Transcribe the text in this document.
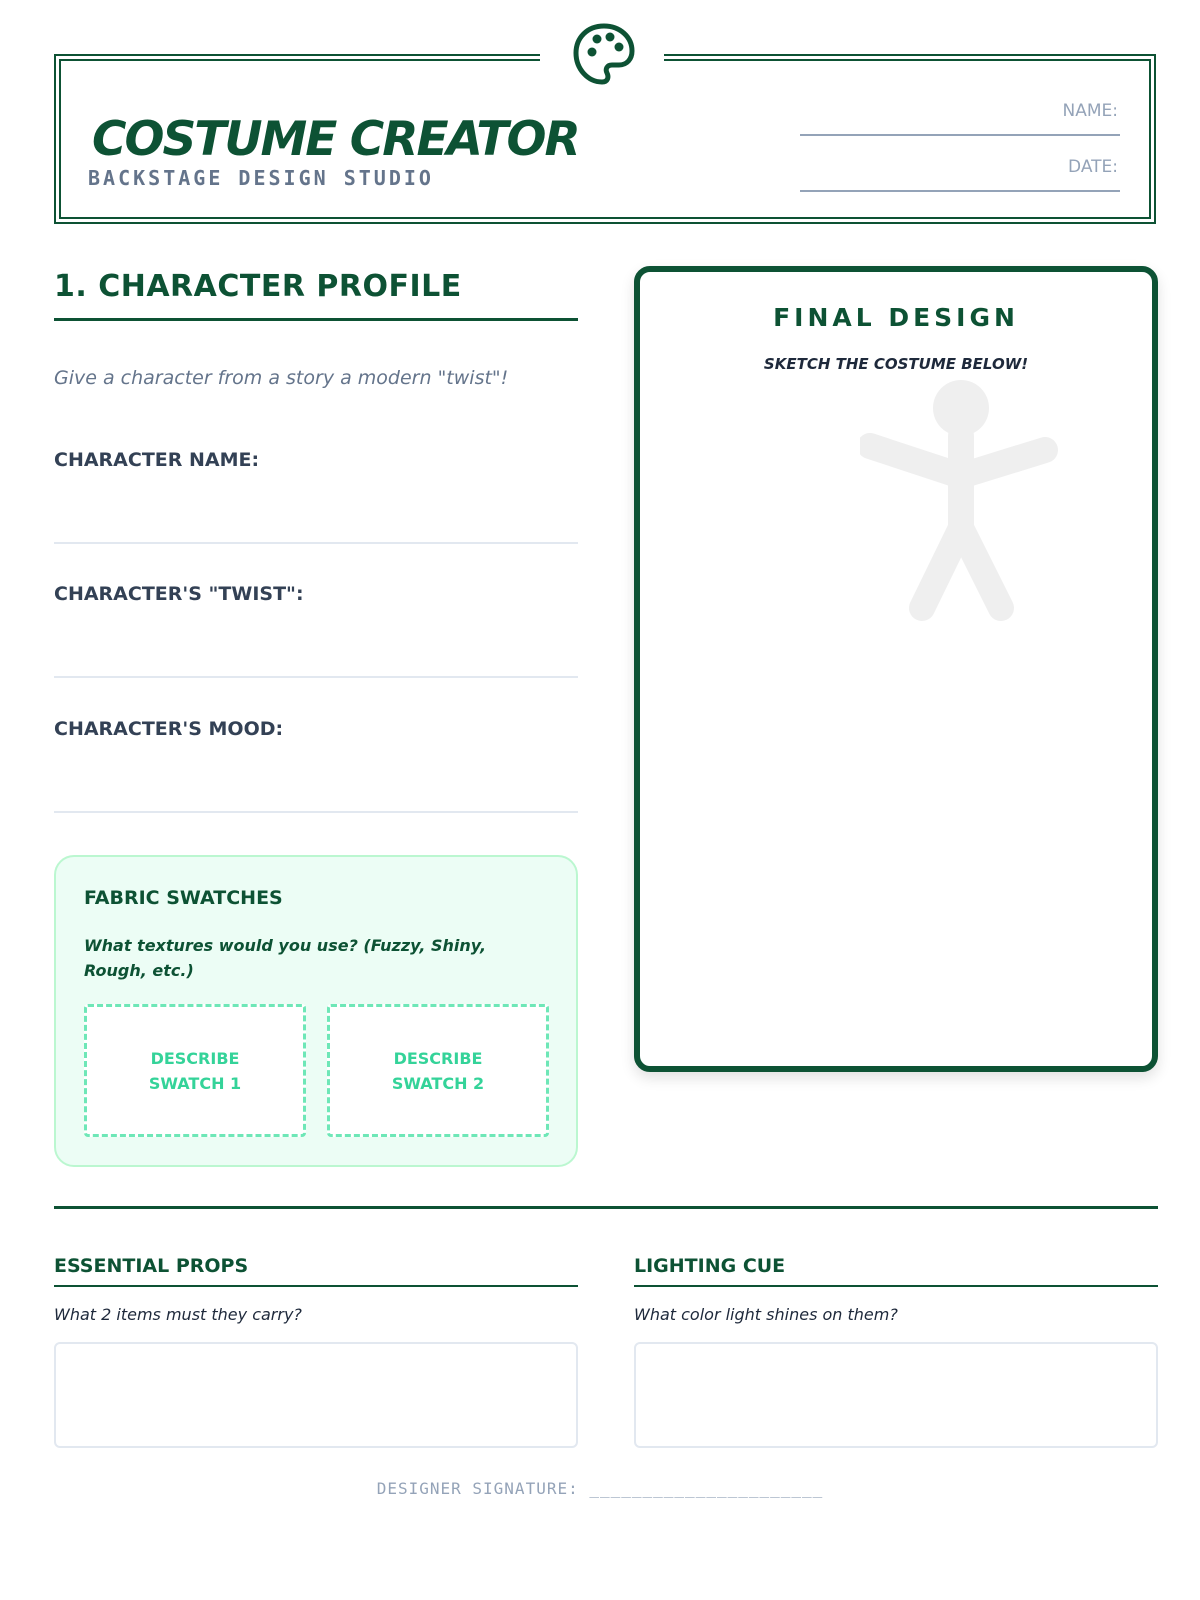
COSTUME CREATOR
BACKSTAGE DESIGN STUDIO
NAME:
DATE:
1. CHARACTER PROFILE
Give a character from a story a modern "twist"!
CHARACTER NAME:
CHARACTER'S "TWIST":
CHARACTER'S MOOD:
FABRIC SWATCHES
What textures would you use? (Fuzzy, Shiny, Rough, etc.)
DESCRIBE SWATCH 1
DESCRIBE SWATCH 2
FINAL DESIGN
SKETCH THE COSTUME BELOW!
ESSENTIAL PROPS
What 2 items must they carry?
LIGHTING CUE
What color light shines on them?
DESIGNER SIGNATURE: ______________________
